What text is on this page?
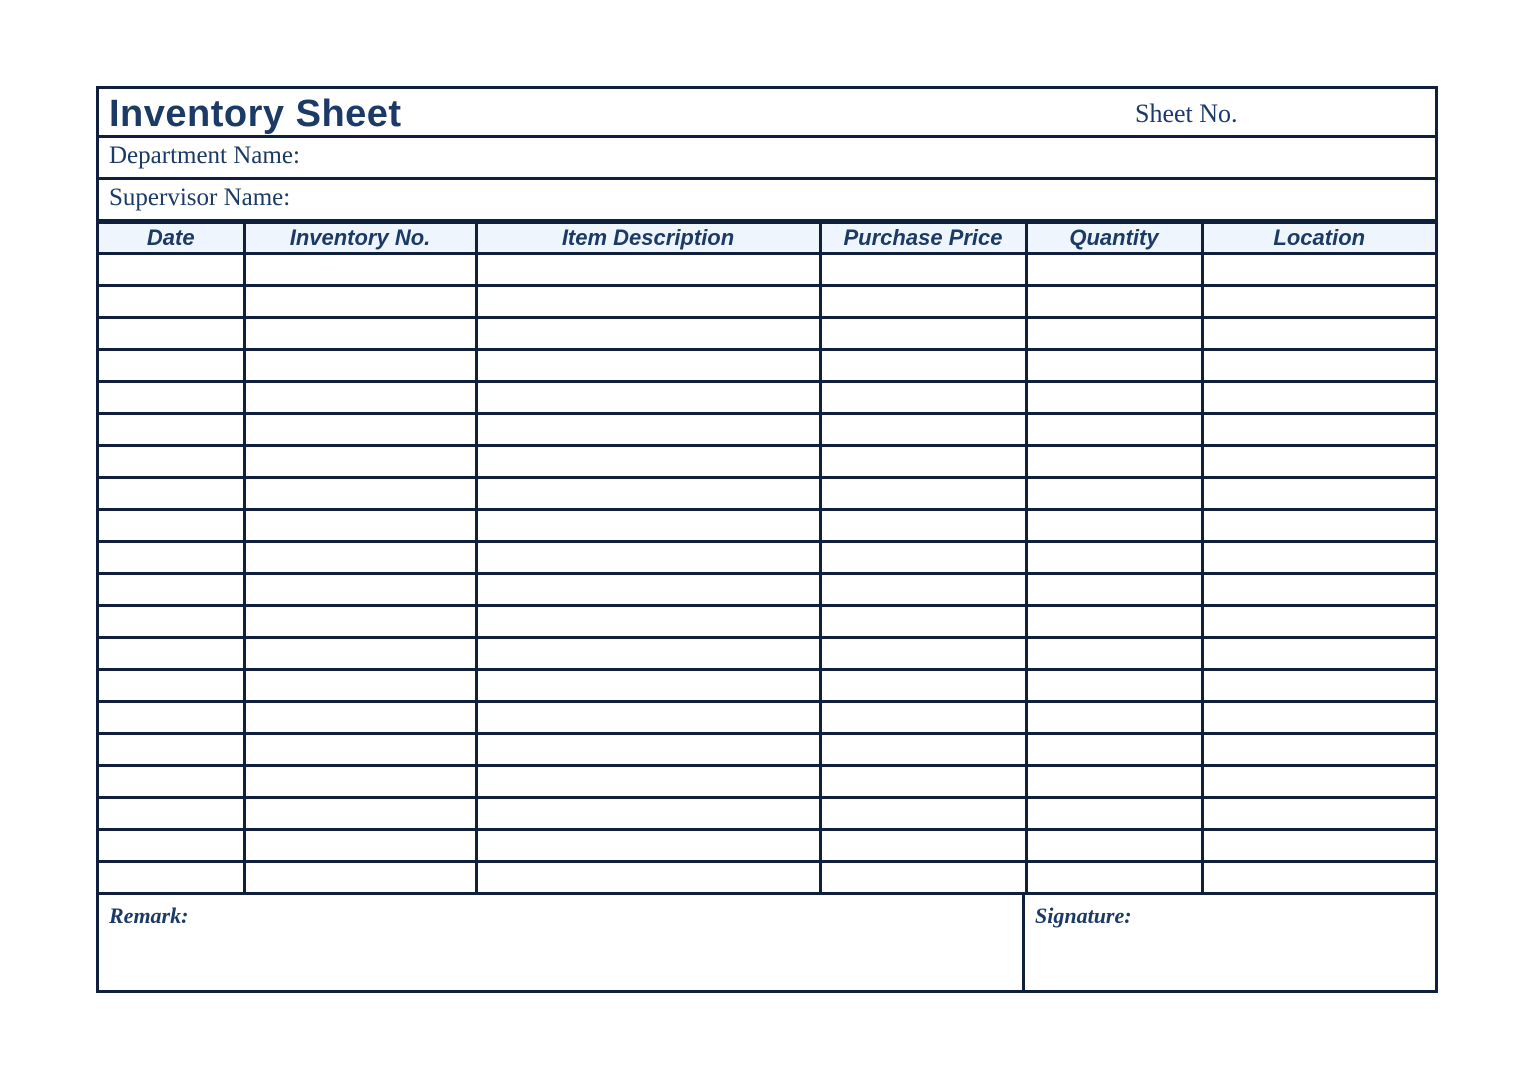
Inventory Sheet	Sheet No.
Department Name:
Supervisor Name:
Date	Inventory No.	Item Description	Purchase Price	Quantity	Location

Remark:	Signature:
